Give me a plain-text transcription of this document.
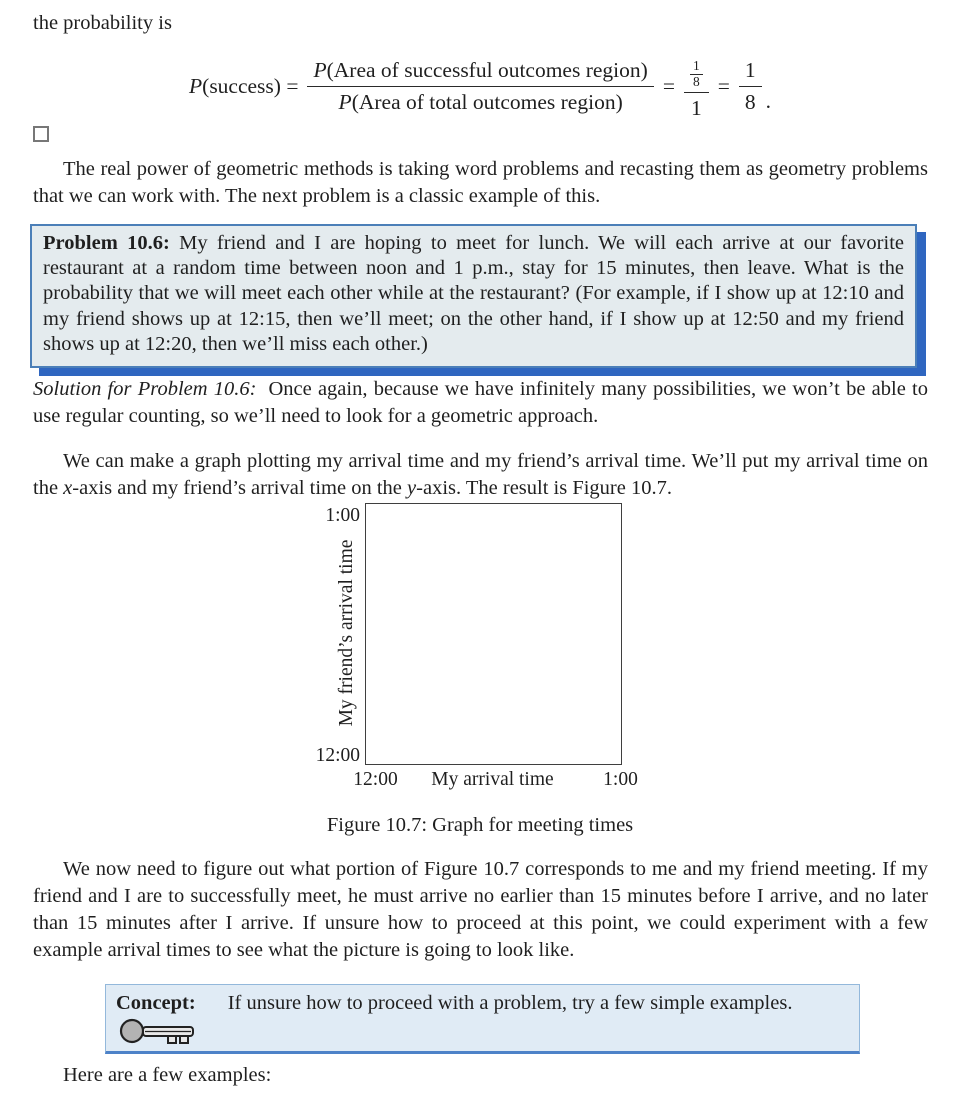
the probability is

P(success) = $\frac{\text{P(Area of successful outcomes region)}}{\text{P(Area of total outcomes region)}} = \frac{\frac{1}{8}}{1} = \frac{1}{8}$ .

The real power of geometric methods is taking word problems and recasting them as geometry problems that we can work with. The next problem is a classic example of this.

Problem 10.6: My friend and I are hoping to meet for lunch. We will each arrive at our favorite restaurant at a random time between noon and 1 p.m., stay for 15 minutes, then leave. What is the probability that we will meet each other while at the restaurant? (For example, if I show up at 12:10 and my friend shows up at 12:15, then we’ll meet; on the other hand, if I show up at 12:50 and my friend shows up at 12:20, then we’ll miss each other.)

Solution for Problem 10.6: Once again, because we have infinitely many possibilities, we won’t be able to use regular counting, so we’ll need to look for a geometric approach.

We can make a graph plotting my arrival time and my friend’s arrival time. We’ll put my arrival time on the x-axis and my friend’s arrival time on the y-axis. The result is Figure 10.7.

1:00
12:00
My friend’s arrival time
12:00	My arrival time	1:00

Figure 10.7: Graph for meeting times

We now need to figure out what portion of Figure 10.7 corresponds to me and my friend meeting. If my friend and I are to successfully meet, he must arrive no earlier than 15 minutes before I arrive, and no later than 15 minutes after I arrive. If unsure how to proceed at this point, we could experiment with a few example arrival times to see what the picture is going to look like.

Concept: If unsure how to proceed with a problem, try a few simple examples.

Here are a few examples:
